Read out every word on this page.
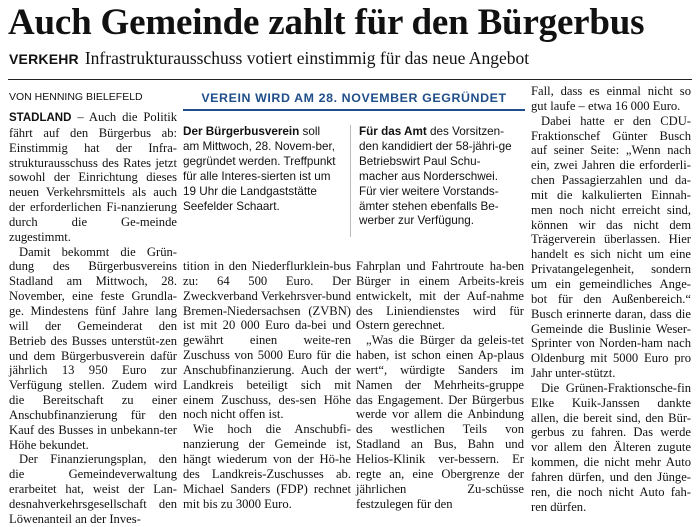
Auch Gemeinde zahlt für den Bürgerbus
VERKEHR Infrastrukturausschuss votiert einstimmig für das neue Angebot
VON HENNING BIELEFELD

STADLAND – Auch die Politik fährt auf den Bürgerbus ab: Einstimmig hat der Infra-strukturausschuss des Rates jetzt sowohl der Einrichtung dieses neuen Verkehrsmittels als auch der erforderlichen Fi-nanzierung durch die Ge-meinde zugestimmt.

Damit bekommt die Grün-dung des Bürgerbusvereins Stadland am Mittwoch, 28. November, eine feste Grundla-ge. Mindestens fünf Jahre lang will der Gemeinderat den Betrieb des Busses unterstüt-zen und dem Bürgerbusverein dafür jährlich 13 950 Euro zur Verfügung stellen. Zudem wird die Bereitschaft zu einer Anschubfinanzierung für den Kauf des Busses in unbekann-ter Höhe bekundet.

Der Finanzierungsplan, den die Gemeindeverwaltung erarbeitet hat, weist der Lan-desnahverkehrsgesellschaft den Löwenanteil an der Inves-

VEREIN WIRD AM 28. NOVEMBER GEGRÜNDET
Der Bürgerbusverein soll am Mittwoch, 28. Novem-ber, gegründet werden. Treffpunkt für alle Interes-sierten ist um 19 Uhr die Landgaststätte Seefelder Schaart.
Für das Amt des Vorsitzen-den kandidiert der 58-jähri-ge Betriebswirt Paul Schu-macher aus Norderschwei. Für vier weitere Vorstands-ämter stehen ebenfalls Be-werber zur Verfügung.

tition in den Niederflurklein-bus zu: 64 500 Euro. Der Zweckverband Verkehrsver-bund Bremen-Niedersachsen (ZVBN) ist mit 20 000 Euro da-bei und gewährt einen weite-ren Zuschuss von 5000 Euro für die Anschubfinanzierung. Auch der Landkreis beteiligt sich mit einem Zuschuss, des-sen Höhe noch nicht offen ist.

Wie hoch die Anschubfi-nanzierung der Gemeinde ist, hängt wiederum von der Hö-he des Landkreis-Zuschusses ab. Michael Sanders (FDP) rechnet mit bis zu 3000 Euro.

Fahrplan und Fahrtroute ha-ben Bürger in einem Arbeits-kreis entwickelt, mit der Auf-nahme des Liniendienstes wird für Ostern gerechnet.

„Was die Bürger da geleis-tet haben, ist schon einen Ap-plaus wert“, würdigte Sanders im Namen der Mehrheits-gruppe das Engagement. Der Bürgerbus werde vor allem die Anbindung des westlichen Teils von Stadland an Bus, Bahn und Helios-Klinik ver-bessern. Er regte an, eine Obergrenze der jährlichen Zu-schüsse festzulegen für den

Fall, dass es einmal nicht so gut laufe – etwa 16 000 Euro.

Dabei hatte er den CDU-Fraktionschef Günter Busch auf seiner Seite: „Wenn nach ein, zwei Jahren die erforderli-chen Passagierzahlen und da-mit die kalkulierten Einnah-men noch nicht erreicht sind, können wir das nicht dem Trägerverein überlassen. Hier handelt es sich nicht um eine Privatangelegenheit, sondern um ein gemeindliches Ange-bot für den Außenbereich.“ Busch erinnerte daran, dass die Gemeinde die Buslinie Weser-Sprinter von Norden-ham nach Oldenburg mit 5000 Euro pro Jahr unter-stützt.

Die Grünen-Fraktionsche-fin Elke Kuik-Janssen dankte allen, die bereit sind, den Bür-gerbus zu fahren. Das werde vor allem den Älteren zugute kommen, die nicht mehr Auto fahren dürfen, und den Jünge-ren, die noch nicht Auto fah-ren dürfen.
